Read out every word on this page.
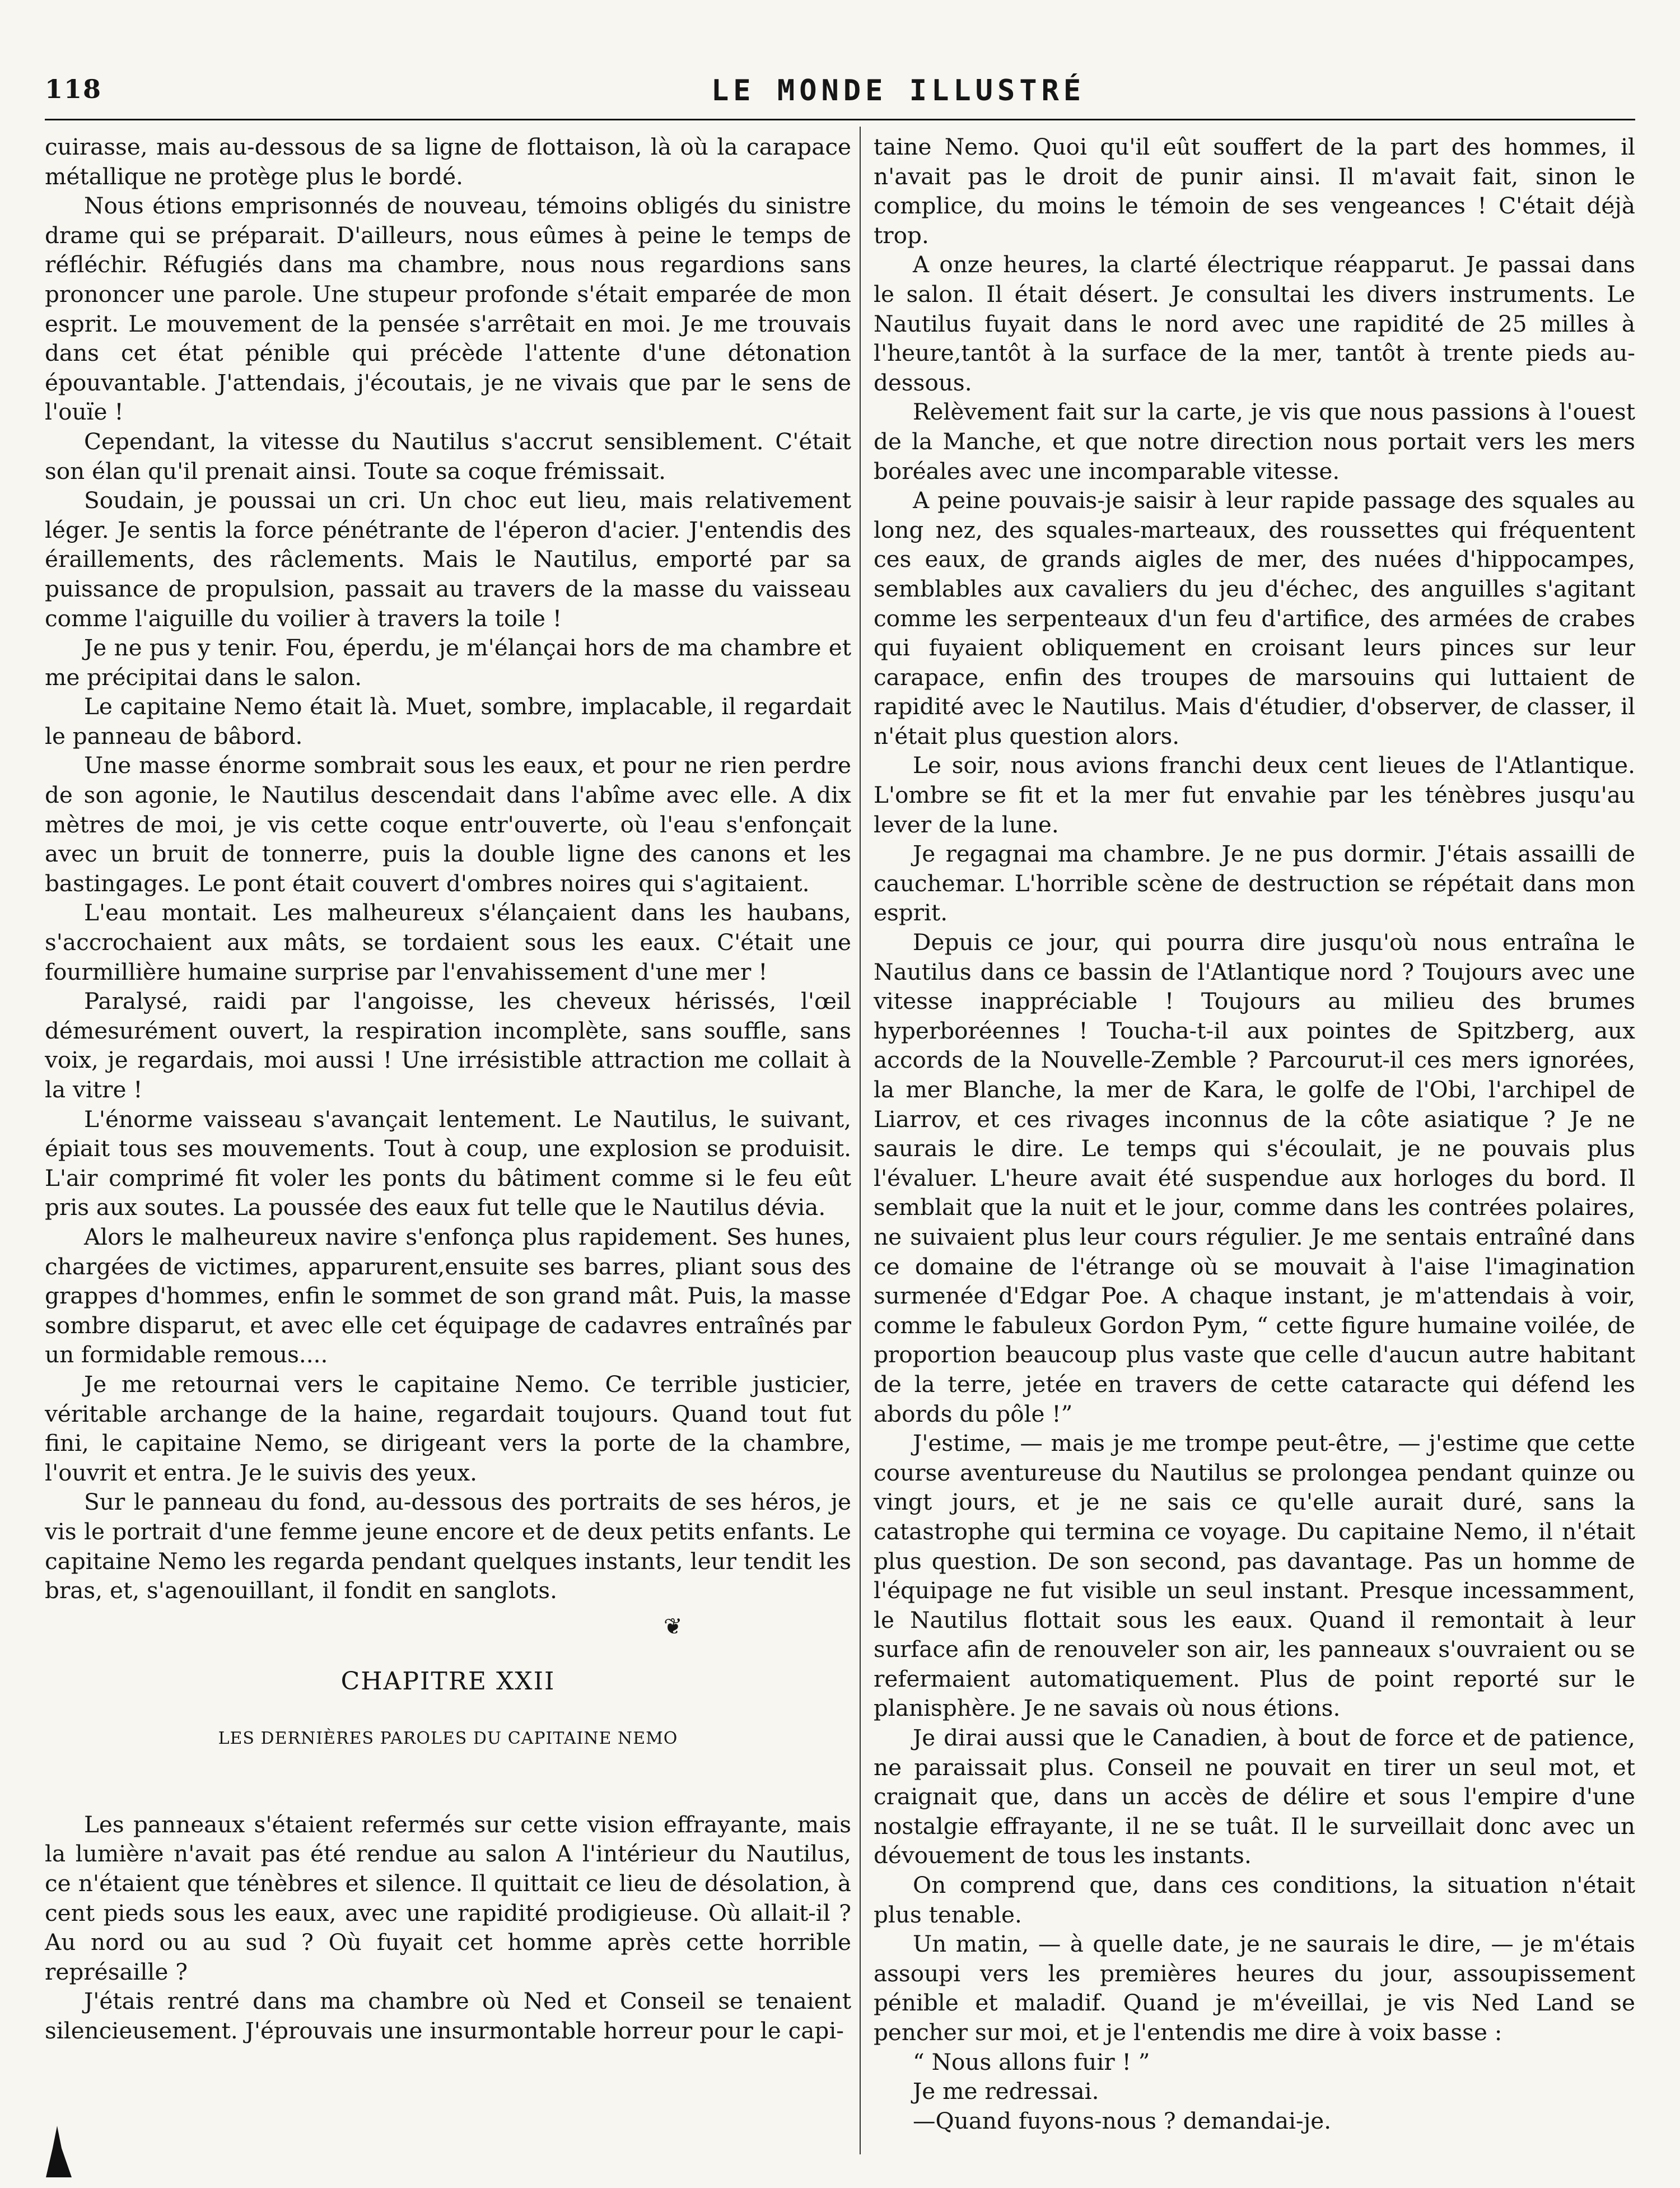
118	LE MONDE ILLUSTRÉ

cuirasse, mais au-dessous de sa ligne de flottaison, là où la carapace métallique ne protège plus le bordé.

Nous étions emprisonnés de nouveau, témoins obligés du sinistre drame qui se préparait. D'ailleurs, nous eûmes à peine le temps de réfléchir. Réfugiés dans ma chambre, nous nous regardions sans prononcer une parole. Une stupeur profonde s'était emparée de mon esprit. Le mouvement de la pensée s'arrêtait en moi. Je me trouvais dans cet état pénible qui précède l'attente d'une détonation épouvantable. J'attendais, j'écoutais, je ne vivais que par le sens de l'ouïe !

Cependant, la vitesse du Nautilus s'accrut sensiblement. C'était son élan qu'il prenait ainsi. Toute sa coque frémissait.

Soudain, je poussai un cri. Un choc eut lieu, mais relativement léger. Je sentis la force pénétrante de l'éperon d'acier. J'entendis des éraillements, des râclements. Mais le Nautilus, emporté par sa puissance de propulsion, passait au travers de la masse du vaisseau comme l'aiguille du voilier à travers la toile !

Je ne pus y tenir. Fou, éperdu, je m'élançai hors de ma chambre et me précipitai dans le salon.

Le capitaine Nemo était là. Muet, sombre, implacable, il regardait le panneau de bâbord.

Une masse énorme sombrait sous les eaux, et pour ne rien perdre de son agonie, le Nautilus descendait dans l'abîme avec elle. A dix mètres de moi, je vis cette coque entr'ouverte, où l'eau s'enfonçait avec un bruit de tonnerre, puis la double ligne des canons et les bastingages. Le pont était couvert d'ombres noires qui s'agitaient.

L'eau montait. Les malheureux s'élançaient dans les haubans, s'accrochaient aux mâts, se tordaient sous les eaux. C'était une fourmillière humaine surprise par l'envahissement d'une mer !

Paralysé, raidi par l'angoisse, les cheveux hérissés, l'œil démesurément ouvert, la respiration incomplète, sans souffle, sans voix, je regardais, moi aussi ! Une irrésistible attraction me collait à la vitre !

L'énorme vaisseau s'avançait lentement. Le Nautilus, le suivant, épiait tous ses mouvements. Tout à coup, une explosion se produisit. L'air comprimé fit voler les ponts du bâtiment comme si le feu eût pris aux soutes. La poussée des eaux fut telle que le Nautilus dévia.

Alors le malheureux navire s'enfonça plus rapidement. Ses hunes, chargées de victimes, apparurent,ensuite ses barres, pliant sous des grappes d'hommes, enfin le sommet de son grand mât. Puis, la masse sombre disparut, et avec elle cet équipage de cadavres entraînés par un formidable remous....

Je me retournai vers le capitaine Nemo. Ce terrible justicier, véritable archange de la haine, regardait toujours. Quand tout fut fini, le capitaine Nemo, se dirigeant vers la porte de la chambre, l'ouvrit et entra. Je le suivis des yeux.

Sur le panneau du fond, au-dessous des portraits de ses héros, je vis le portrait d'une femme jeune encore et de deux petits enfants. Le capitaine Nemo les regarda pendant quelques instants, leur tendit les bras, et, s'agenouillant, il fondit en sanglots.

❦

CHAPITRE XXII

LES DERNIÈRES PAROLES DU CAPITAINE NEMO

Les panneaux s'étaient refermés sur cette vision effrayante, mais la lumière n'avait pas été rendue au salon A l'intérieur du Nautilus, ce n'étaient que ténèbres et silence. Il quittait ce lieu de désolation, à cent pieds sous les eaux, avec une rapidité prodigieuse. Où allait-il ? Au nord ou au sud ? Où fuyait cet homme après cette horrible représaille ?

J'étais rentré dans ma chambre où Ned et Conseil se tenaient silencieusement. J'éprouvais une insurmontable horreur pour le capi-

taine Nemo. Quoi qu'il eût souffert de la part des hommes, il n'avait pas le droit de punir ainsi. Il m'avait fait, sinon le complice, du moins le témoin de ses vengeances ! C'était déjà trop.

A onze heures, la clarté électrique réapparut. Je passai dans le salon. Il était désert. Je consultai les divers instruments. Le Nautilus fuyait dans le nord avec une rapidité de 25 milles à l'heure,tantôt à la surface de la mer, tantôt à trente pieds au-dessous.

Relèvement fait sur la carte, je vis que nous passions à l'ouest de la Manche, et que notre direction nous portait vers les mers boréales avec une incomparable vitesse.

A peine pouvais-je saisir à leur rapide passage des squales au long nez, des squales-marteaux, des roussettes qui fréquentent ces eaux, de grands aigles de mer, des nuées d'hippocampes, semblables aux cavaliers du jeu d'échec, des anguilles s'agitant comme les serpenteaux d'un feu d'artifice, des armées de crabes qui fuyaient obliquement en croisant leurs pinces sur leur carapace, enfin des troupes de marsouins qui luttaient de rapidité avec le Nautilus. Mais d'étudier, d'observer, de classer, il n'était plus question alors.

Le soir, nous avions franchi deux cent lieues de l'Atlantique. L'ombre se fit et la mer fut envahie par les ténèbres jusqu'au lever de la lune.

Je regagnai ma chambre. Je ne pus dormir. J'étais assailli de cauchemar. L'horrible scène de destruction se répétait dans mon esprit.

Depuis ce jour, qui pourra dire jusqu'où nous entraîna le Nautilus dans ce bassin de l'Atlantique nord ? Toujours avec une vitesse inappréciable ! Toujours au milieu des brumes hyperboréennes ! Toucha-t-il aux pointes de Spitzberg, aux accords de la Nouvelle-Zemble ? Parcourut-il ces mers ignorées, la mer Blanche, la mer de Kara, le golfe de l'Obi, l'archipel de Liarrov, et ces rivages inconnus de la côte asiatique ? Je ne saurais le dire. Le temps qui s'écoulait, je ne pouvais plus l'évaluer. L'heure avait été suspendue aux horloges du bord. Il semblait que la nuit et le jour, comme dans les contrées polaires, ne suivaient plus leur cours régulier. Je me sentais entraîné dans ce domaine de l'étrange où se mouvait à l'aise l'imagination surmenée d'Edgar Poe. A chaque instant, je m'attendais à voir, comme le fabuleux Gordon Pym, “ cette figure humaine voilée, de proportion beaucoup plus vaste que celle d'aucun autre habitant de la terre, jetée en travers de cette cataracte qui défend les abords du pôle !”

J'estime, — mais je me trompe peut-être, — j'estime que cette course aventureuse du Nautilus se prolongea pendant quinze ou vingt jours, et je ne sais ce qu'elle aurait duré, sans la catastrophe qui termina ce voyage. Du capitaine Nemo, il n'était plus question. De son second, pas davantage. Pas un homme de l'équipage ne fut visible un seul instant. Presque incessamment, le Nautilus flottait sous les eaux. Quand il remontait à leur surface afin de renouveler son air, les panneaux s'ouvraient ou se refermaient automatiquement. Plus de point reporté sur le planisphère. Je ne savais où nous étions.

Je dirai aussi que le Canadien, à bout de force et de patience, ne paraissait plus. Conseil ne pouvait en tirer un seul mot, et craignait que, dans un accès de délire et sous l'empire d'une nostalgie effrayante, il ne se tuât. Il le surveillait donc avec un dévouement de tous les instants.

On comprend que, dans ces conditions, la situation n'était plus tenable.

Un matin, — à quelle date, je ne saurais le dire, — je m'étais assoupi vers les premières heures du jour, assoupissement pénible et maladif. Quand je m'éveillai, je vis Ned Land se pencher sur moi, et je l'entendis me dire à voix basse :

“ Nous allons fuir ! ”

Je me redressai.

—Quand fuyons-nous ? demandai-je.
